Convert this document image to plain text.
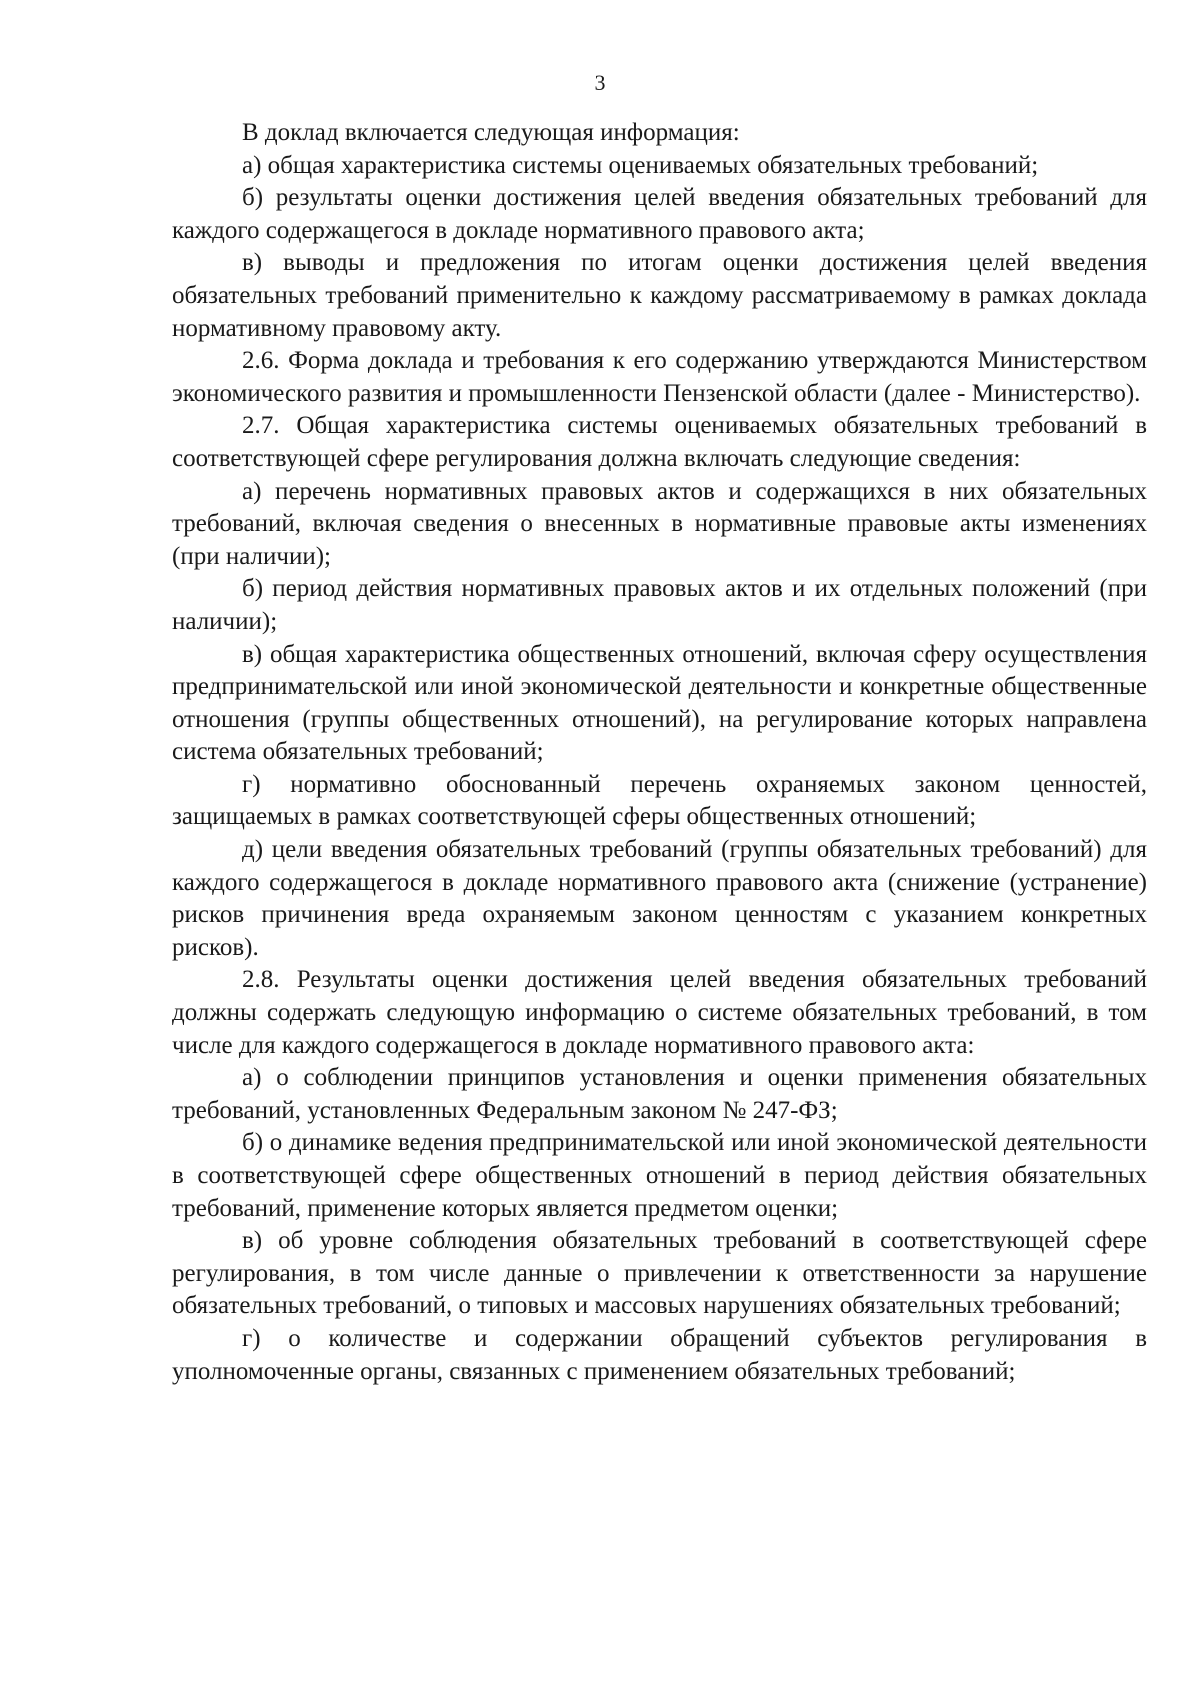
3

В доклад включается следующая информация:

а) общая характеристика системы оцениваемых обязательных требований;

б) результаты оценки достижения целей введения обязательных требований для каждого содержащегося в докладе нормативного правового акта;

в) выводы и предложения по итогам оценки достижения целей введения обязательных требований применительно к каждому рассматриваемому в рамках доклада нормативному правовому акту.

2.6. Форма доклада и требования к его содержанию утверждаются Министерством экономического развития и промышленности Пензенской области (далее - Министерство).

2.7. Общая характеристика системы оцениваемых обязательных требований в соответствующей сфере регулирования должна включать следующие сведения:

а) перечень нормативных правовых актов и содержащихся в них обязательных требований, включая сведения о внесенных в нормативные правовые акты изменениях (при наличии);

б) период действия нормативных правовых актов и их отдельных положений (при наличии);

в) общая характеристика общественных отношений, включая сферу осуществления предпринимательской или иной экономической деятельности и конкретные общественные отношения (группы общественных отношений), на регулирование которых направлена система обязательных требований;

г) нормативно обоснованный перечень охраняемых законом ценностей, защищаемых в рамках соответствующей сферы общественных отношений;

д) цели введения обязательных требований (группы обязательных требований) для каждого содержащегося в докладе нормативного правового акта (снижение (устранение) рисков причинения вреда охраняемым законом ценностям с указанием конкретных рисков).

2.8. Результаты оценки достижения целей введения обязательных требований должны содержать следующую информацию о системе обязательных требований, в том числе для каждого содержащегося в докладе нормативного правового акта:

а) о соблюдении принципов установления и оценки применения обязательных требований, установленных Федеральным законом № 247-ФЗ;

б) о динамике ведения предпринимательской или иной экономической деятельности в соответствующей сфере общественных отношений в период действия обязательных требований, применение которых является предметом оценки;

в) об уровне соблюдения обязательных требований в соответствующей сфере регулирования, в том числе данные о привлечении к ответственности за нарушение обязательных требований, о типовых и массовых нарушениях обязательных требований;

г) о количестве и содержании обращений субъектов регулирования в уполномоченные органы, связанных с применением обязательных требований;
